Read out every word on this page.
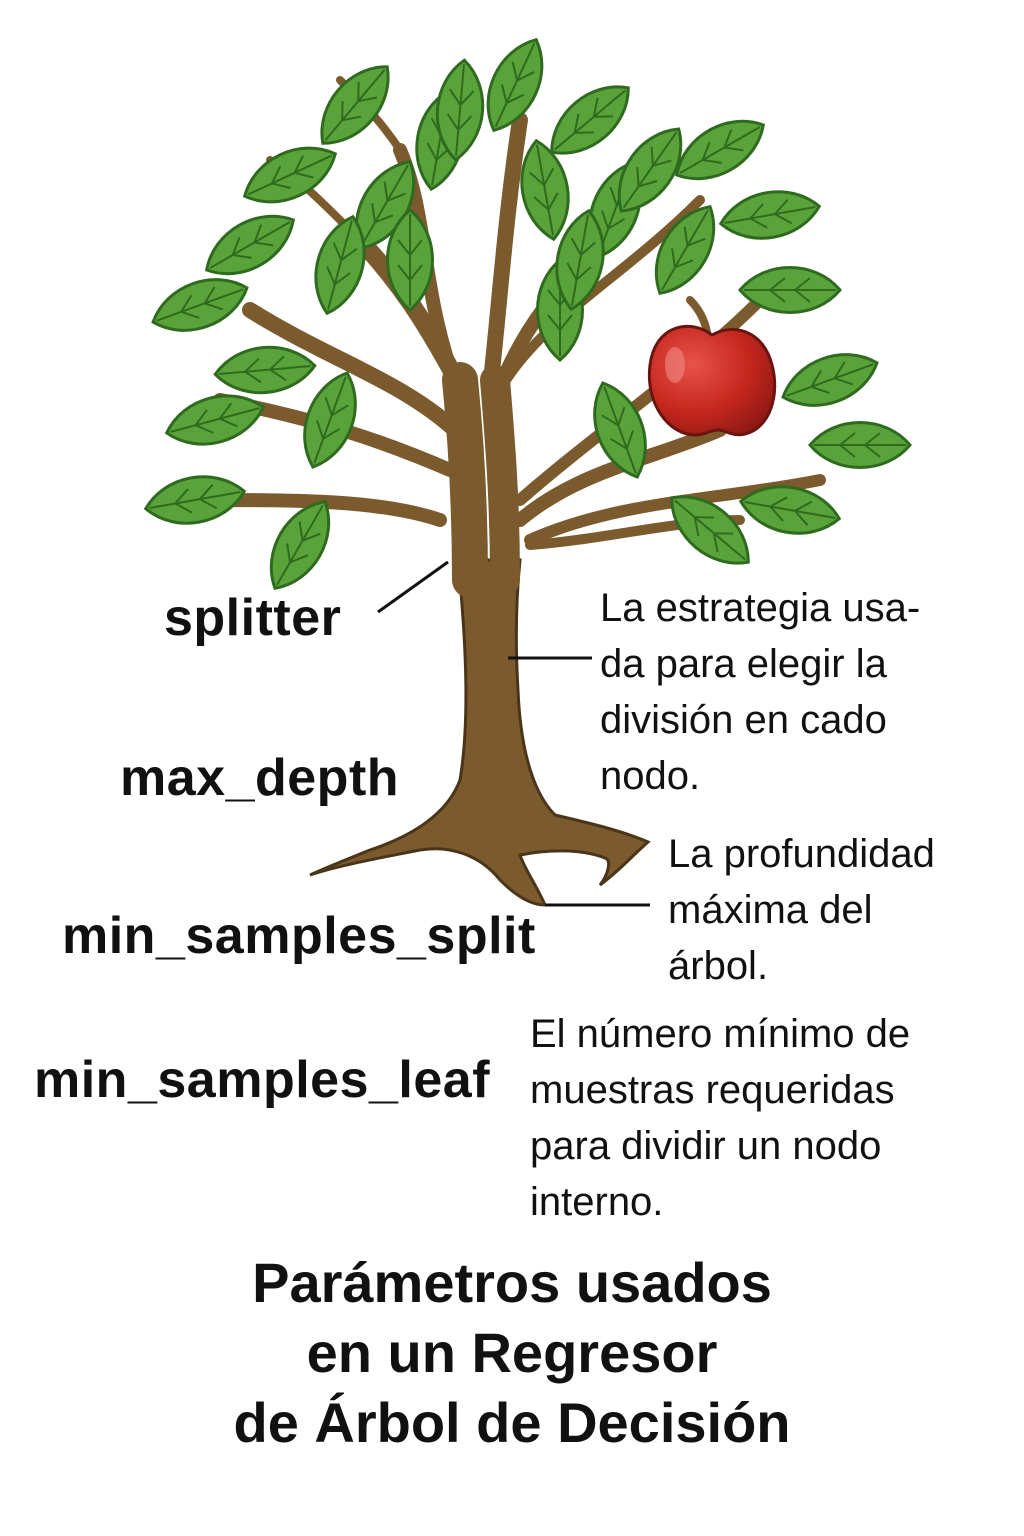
splitter
max_depth
min_samples_split
min_samples_leaf
La estrategia usa-
da para elegir la
división en cado
nodo.
La profundidad
máxima del
árbol.
El número mínimo de
muestras requeridas
para dividir un nodo
interno.
Parámetros usados
en un Regresor
de Árbol de Decisión
